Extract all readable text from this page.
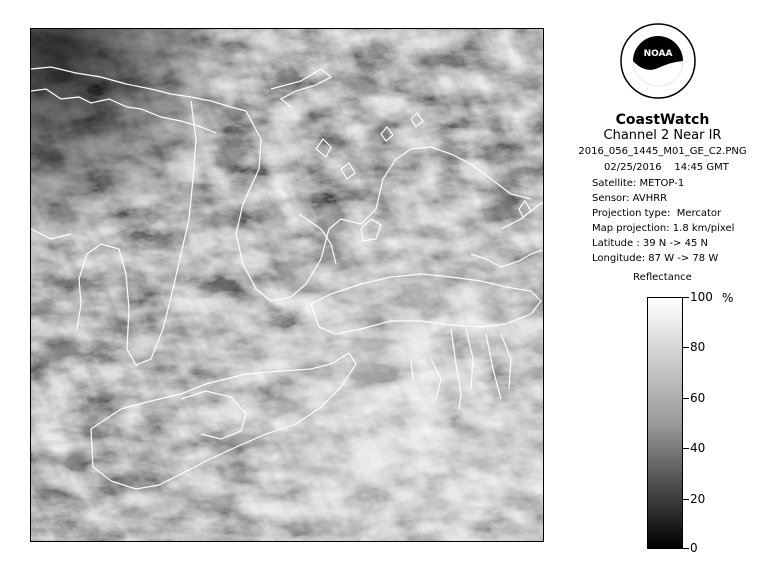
NOAA
CoastWatch
Channel 2 Near IR
2016_056_1445_M01_GE_C2.PNG
02/25/2016    14:45 GMT
Satellite: METOP-1
Sensor: AVHRR
Projection type:  Mercator
Map projection: 1.8 km/pixel
Latitude : 39 N -> 45 N
Longitude: 87 W -> 78 W
Reflectance
%
100
80
60
40
20
0
